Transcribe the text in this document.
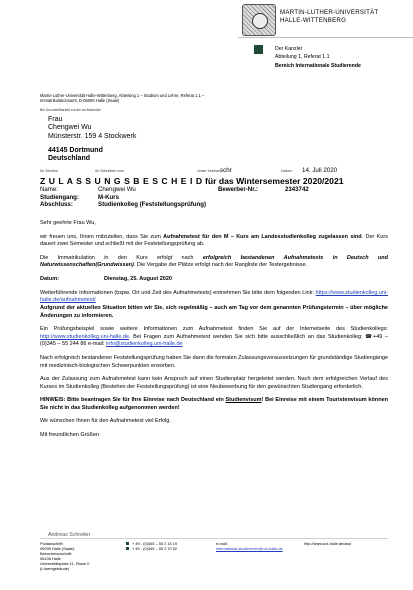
MARTIN-LUTHER-UNIVERSITÄT
HALLE-WITTENBERG
Der Kanzler
Abteilung 1, Referat 1.1
Bereich Internationale Studierende
Martin-Luther-Universität Halle-Wittenberg, Abteilung 1 – Studium und Lehre, Referat 1.1 –
Immatrikulationsamt, D-06099 Halle (Saale)
Bei Unzustellbarkeit zurück an Absender
Frau
Chengwei Wu
Münsterstr. 159 4 Stockwerk
44145 Dortmund
Deutschland
Ihr Zeichen	Ihr Schreiben vom	Unser Zeichen schr	Datum 14. Juli 2020
Z U L A S S U N G S B E S C H E I D für das Wintersemester 2020/2021
Name:	Chengwei Wu	Bewerber-Nr.:	2343742
Studiengang:	M-Kurs
Abschluss:	Studienkolleg (Feststellungsprüfung)

Sehr geehrte Frau Wu,

wir freuen uns, Ihnen mitzuteilen, dass Sie zum Aufnahmetest für den M – Kurs am Landesstudienkolleg zugelassen sind. Der Kurs dauert zwei Semester und schließt mit der Feststellungsprüfung ab.

Die Immatrikulation in den Kurs erfolgt nach erfolgreich bestandenen Aufnahmetests in Deutsch und Naturwissenschaften(Grundwissen). Die Vergabe der Plätze erfolgt nach der Rangliste der Testergebnisse.

Datum:	Dienstag, 25. August 2020

Weiterführende Informationen (bspw. Ort und Zeit des Aufnahmetests) entnehmen Sie bitte dem folgenden Link: https://www.studienkolleg.uni-halle.de/aufnahmetest/
Aufgrund der aktuellen Situation bitten wir Sie, sich regelmäßig – auch am Tag vor dem genannten Prüfungstermin – über mögliche Änderungen zu informieren.

Ein Prüfungsbeispiel sowie weitere Informationen zum Aufnahmetest finden Sie auf der Internetseite des Studienkollegs: http://www.studienkolleg.uni-halle.de. Bei Fragen zum Aufnahmetest wenden Sie sich bitte ausschließlich an das Studienkolleg: ☎+49 – (0)345 – 55 244 86 e-mail: info@studienkolleg.uni-halle.de

Nach erfolgreich bestandener Feststellungsprüfung haben Sie dann die formalen Zulassungsvoraussetzungen für grundständige Studiengänge mit medizinisch-biologischen Schwerpunkten erworben.

Aus der Zulassung zum Aufnahmetest kann kein Anspruch auf einen Studienplatz hergeleitet werden. Nach dem erfolgreichen Verlauf des Kurses im Studienkolleg (Bestehen der Feststellungsprüfung) ist eine Neubewerbung für den gewünschten Studiengang erforderlich.

HINWEIS: Bitte beantragen Sie für Ihre Einreise nach Deutschland ein Studienvisum! Bei Einreise mit einem Touristenvisum können Sie nicht in das Studienkolleg aufgenommen werden!

Wir wünschen Ihnen für den Aufnahmetest viel Erfolg.

Mit freundlichen Grüßen

Andreas Schreiter
Postanschrift:
06099 Halle (Saale)
Besucheranschrift:
06108 Halle
Universitätsplatz 11, Raum 0
(Löwengebäude)
+ 49 - (0)345 – 55 2 15 19
+ 49 - (0)345 – 55 2 70 52
e-mail:
international.studierende@uni-halle.de
http://www.uni-halle.de/ass/
